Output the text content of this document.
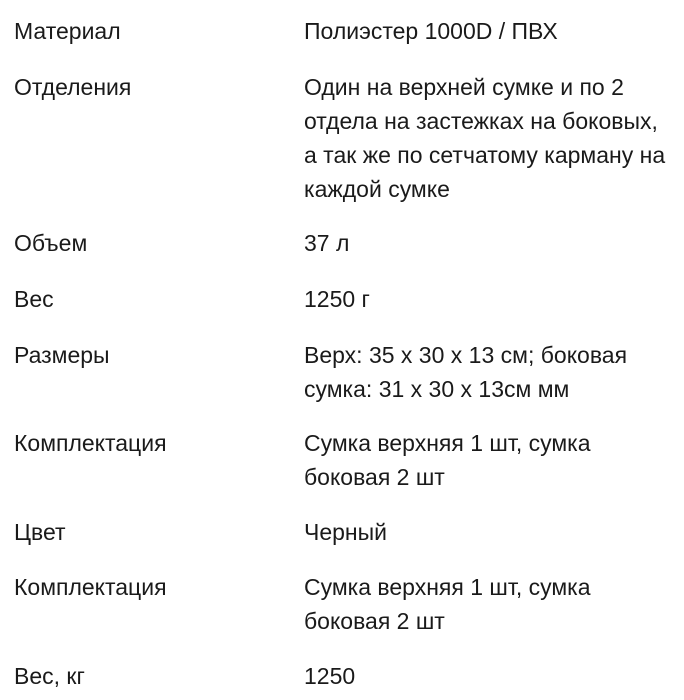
Материал	Полиэстер 1000D / ПВХ

Отделения	Один на верхней сумке и по 2 отдела на застежках на боковых, а так же по сетчатому карману на каждой сумке

Объем	37 л

Вес	1250 г

Размеры	Верх: 35 х 30 х 13 см; боковая сумка: 31 х 30 х 13см мм

Комплектация	Сумка верхняя 1 шт, сумка боковая 2 шт

Цвет	Черный

Комплектация	Сумка верхняя 1 шт, сумка боковая 2 шт

Вес, кг	1250
